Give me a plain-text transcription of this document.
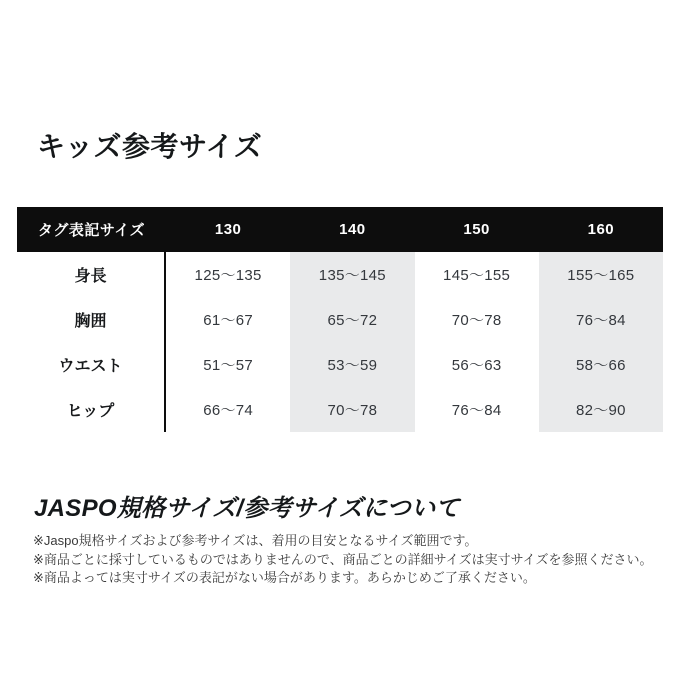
キッズ参考サイズ
タグ表記サイズ	130	140	150	160
身長	125〜135	135〜145	145〜155	155〜165
胸囲	61〜67	65〜72	70〜78	76〜84
ウエスト	51〜57	53〜59	56〜63	58〜66
ヒップ	66〜74	70〜78	76〜84	82〜90
JASPO規格サイズ/参考サイズについて
※Jaspo規格サイズおよび参考サイズは、着用の目安となるサイズ範囲です。
※商品ごとに採寸しているものではありませんので、商品ごとの詳細サイズは実寸サイズを参照ください。
※商品よっては実寸サイズの表記がない場合があります。あらかじめご了承ください。
